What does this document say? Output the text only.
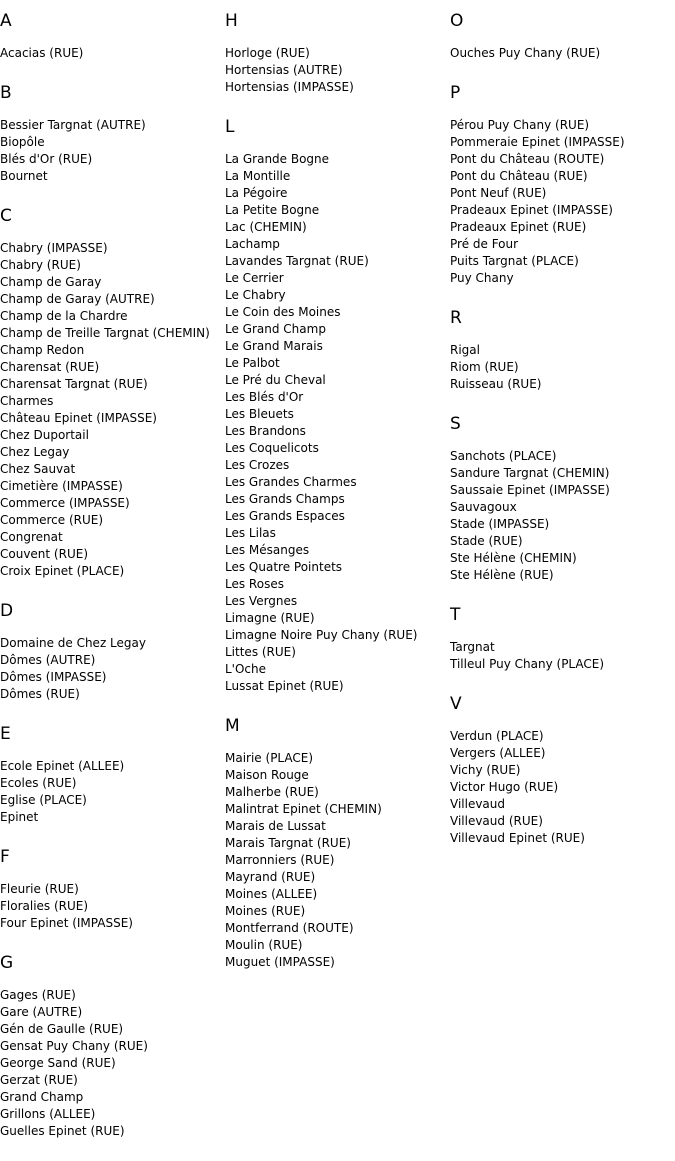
A
Acacias (RUE)
B
Bessier Targnat (AUTRE)
Biopôle
Blés d'Or (RUE)
Bournet
C
Chabry (IMPASSE)
Chabry (RUE)
Champ de Garay
Champ de Garay (AUTRE)
Champ de la Chardre
Champ de Treille Targnat (CHEMIN)
Champ Redon
Charensat (RUE)
Charensat Targnat (RUE)
Charmes
Château Epinet (IMPASSE)
Chez Duportail
Chez Legay
Chez Sauvat
Cimetière (IMPASSE)
Commerce (IMPASSE)
Commerce (RUE)
Congrenat
Couvent (RUE)
Croix Epinet (PLACE)
D
Domaine de Chez Legay
Dômes (AUTRE)
Dômes (IMPASSE)
Dômes (RUE)
E
Ecole Epinet (ALLEE)
Ecoles (RUE)
Eglise (PLACE)
Epinet
F
Fleurie (RUE)
Floralies (RUE)
Four Epinet (IMPASSE)
G
Gages (RUE)
Gare (AUTRE)
Gén de Gaulle (RUE)
Gensat Puy Chany (RUE)
George Sand (RUE)
Gerzat (RUE)
Grand Champ
Grillons (ALLEE)
Guelles Epinet (RUE)
H
Horloge (RUE)
Hortensias (AUTRE)
Hortensias (IMPASSE)
L
La Grande Bogne
La Montille
La Pégoire
La Petite Bogne
Lac (CHEMIN)
Lachamp
Lavandes Targnat (RUE)
Le Cerrier
Le Chabry
Le Coin des Moines
Le Grand Champ
Le Grand Marais
Le Palbot
Le Pré du Cheval
Les Blés d'Or
Les Bleuets
Les Brandons
Les Coquelicots
Les Crozes
Les Grandes Charmes
Les Grands Champs
Les Grands Espaces
Les Lilas
Les Mésanges
Les Quatre Pointets
Les Roses
Les Vergnes
Limagne (RUE)
Limagne Noire Puy Chany (RUE)
Littes (RUE)
L'Oche
Lussat Epinet (RUE)
M
Mairie (PLACE)
Maison Rouge
Malherbe (RUE)
Malintrat Epinet (CHEMIN)
Marais de Lussat
Marais Targnat (RUE)
Marronniers (RUE)
Mayrand (RUE)
Moines (ALLEE)
Moines (RUE)
Montferrand (ROUTE)
Moulin (RUE)
Muguet (IMPASSE)
O
Ouches Puy Chany (RUE)
P
Pérou Puy Chany (RUE)
Pommeraie Epinet (IMPASSE)
Pont du Château (ROUTE)
Pont du Château (RUE)
Pont Neuf (RUE)
Pradeaux Epinet (IMPASSE)
Pradeaux Epinet (RUE)
Pré de Four
Puits Targnat (PLACE)
Puy Chany
R
Rigal
Riom (RUE)
Ruisseau (RUE)
S
Sanchots (PLACE)
Sandure Targnat (CHEMIN)
Saussaie Epinet (IMPASSE)
Sauvagoux
Stade (IMPASSE)
Stade (RUE)
Ste Hélène (CHEMIN)
Ste Hélène (RUE)
T
Targnat
Tilleul Puy Chany (PLACE)
V
Verdun (PLACE)
Vergers (ALLEE)
Vichy (RUE)
Victor Hugo (RUE)
Villevaud
Villevaud (RUE)
Villevaud Epinet (RUE)
